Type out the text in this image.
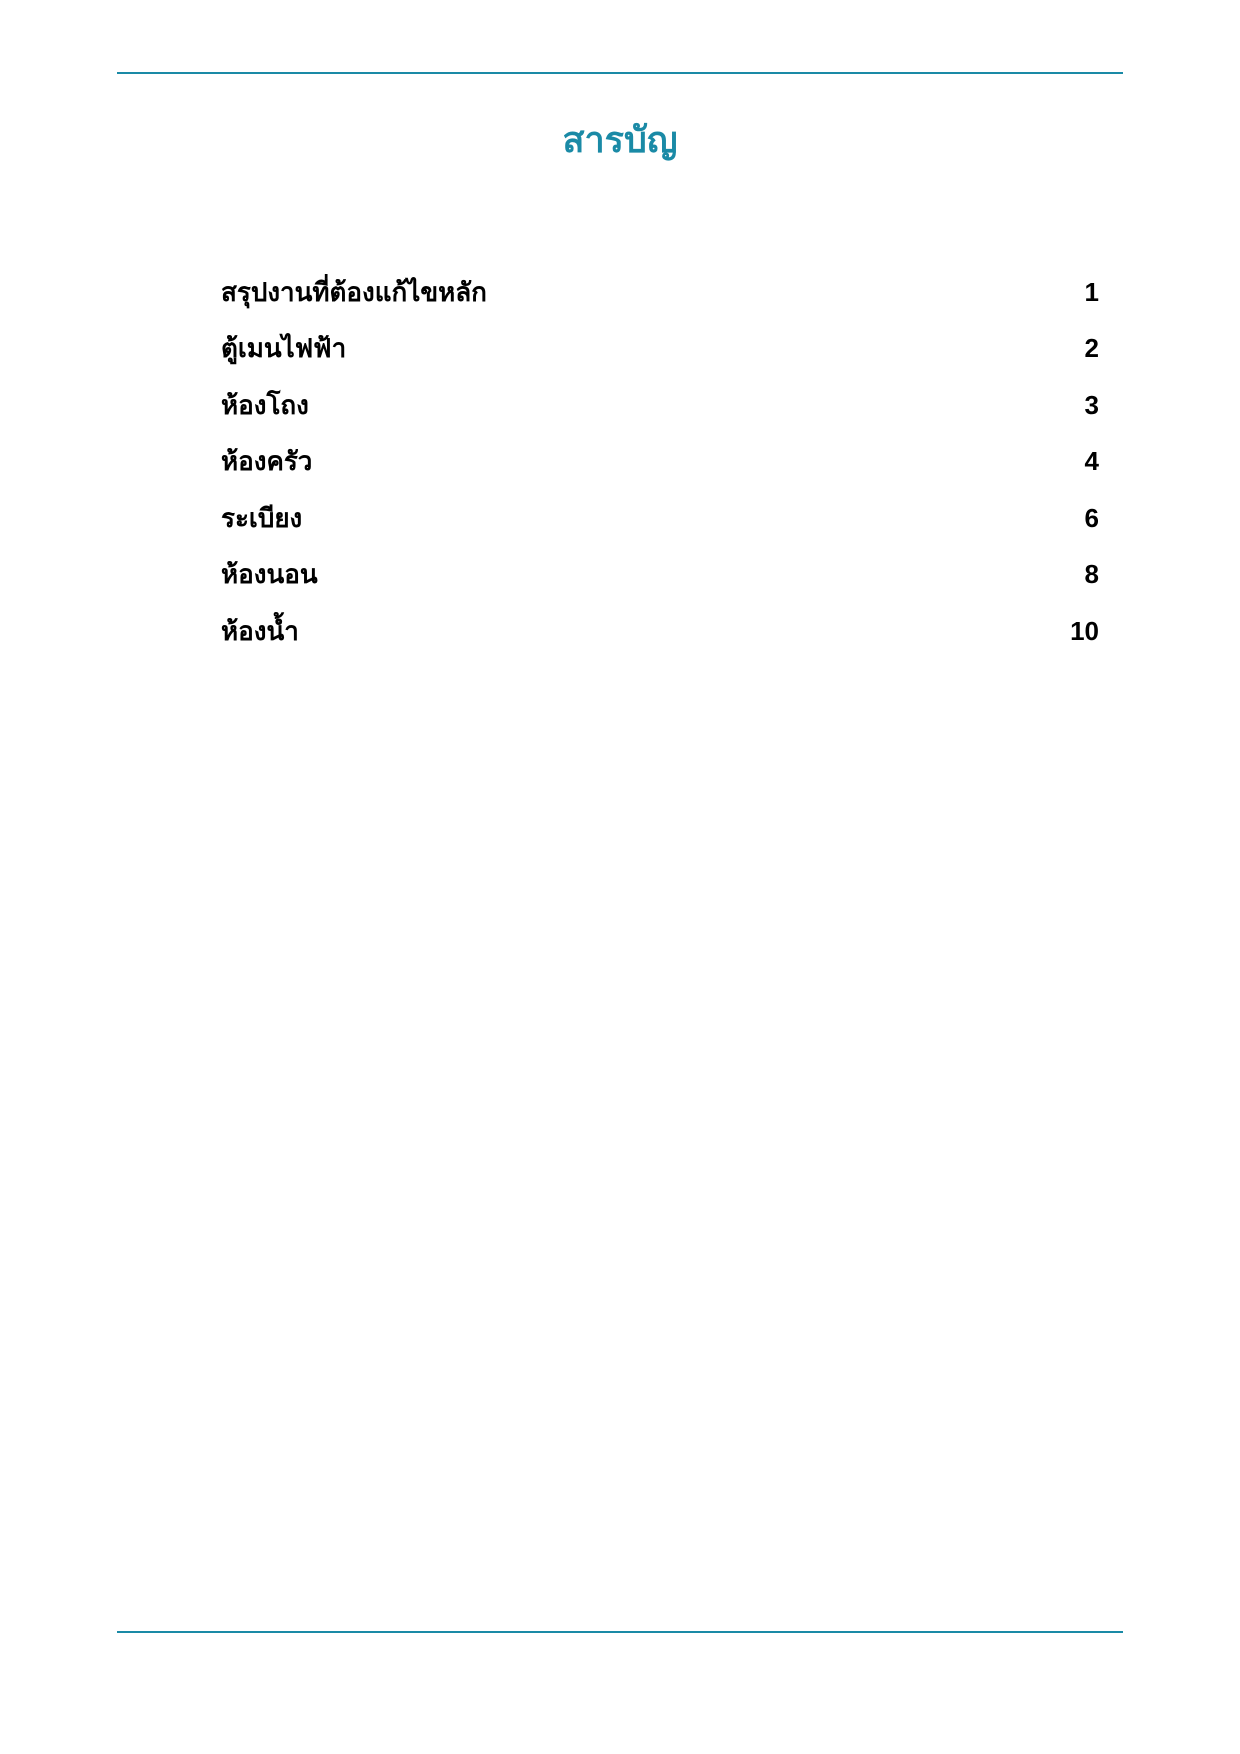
สารบัญ
สรุปงานที่ต้องแก้ไขหลัก	1
ตู้เมนไฟฟ้า	2
ห้องโถง	3
ห้องครัว	4
ระเบียง	6
ห้องนอน	8
ห้องน้ำ	10
